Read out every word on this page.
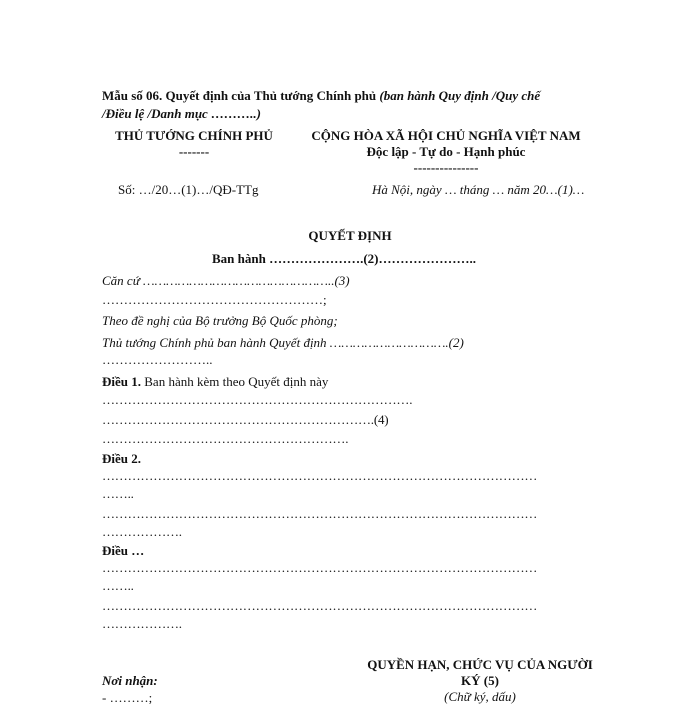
Mẫu số 06. Quyết định của Thủ tướng Chính phủ (ban hành Quy định /Quy chế
/Điều lệ /Danh mục ………..)
THỦ TƯỚNG CHÍNH PHỦ
-------
CỘNG HÒA XÃ HỘI CHỦ NGHĨA VIỆT NAM
Độc lập - Tự do - Hạnh phúc
---------------
Số: …/20…(1)…/QĐ-TTg	Hà Nội, ngày … tháng … năm 20…(1)…
QUYẾT ĐỊNH
Ban hành ………………….(2)…………………..
Căn cứ …………………………………………..(3)
……………………………………………;
Theo đề nghị của Bộ trưởng Bộ Quốc phòng;
Thủ tướng Chính phủ ban hành Quyết định ………………………….(2)
……………………..
Điều 1. Ban hành kèm theo Quyết định này
……………………………………………………………….
……………………………………………………….(4)
………………………………………………….
Điều 2.
…………………………………………………………………………………………
……..
…………………………………………………………………………………………
……………….
Điều …
…………………………………………………………………………………………
……..
…………………………………………………………………………………………
……………….
QUYỀN HẠN, CHỨC VỤ CỦA NGƯỜI
KÝ (5)
(Chữ ký, dấu)
Nơi nhận:
- ………;
